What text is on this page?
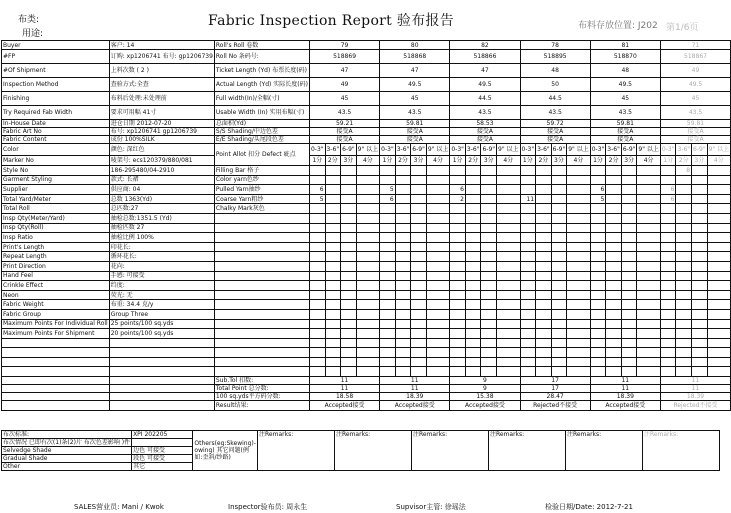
布类:
用途:
Fabric Inspection Report 验布报告	布料存放位置: J202 第1/6页
Buyer	客户: 14	Roll's Roll 卷数	79				80				82				78				81				71			
#FP	订购: xp1206741 布号: gp1206739	Roll No 条码号:	518869				518868				518866				518895				518870				518867			
#Of Shipment	上料次数 ( 2 )	Ticket Length (Yd) 布票长度(码)	47				47				47				48				48				49			
Inspection Method	查验方式:全查	Actual Length (Yd) 实际长度(码)	49				49.5				49.5				50				49.5				49.5			
Finishing	布料后处理:未处理前	Full width(In)/全幅(寸)	45				45				44.5				44.5				45				45			
Try Required Fab Width	要求可用幅 41寸	Usable Width (In) 实用布幅(寸)	43.5				43.5				43.5				43.5				43.5				43.5			
In-House Date	进仓日期 2012-07-20	总面积(Yd)	59.21				59.81				58.53				59.72				59.81				59.81			
Fabric Art No	布号: xp1206741 gp1206739	S/S Shading/中边色差	接受A				接受A				接受A				接受A				接受A				接受A			
Fabric Content	成份 100%SILK	E/E Shading/头尾段色差	接受A				接受A				接受A				接受A				接受A				接受A			
Color	颜色: 深红色	Point Allot 扣分 Defect 疵点	0-3"	3-6"	6-9"	9" 以上	0-3"	3-6"	6-9"	9" 以上	0-3"	3-6"	6-9"	9" 以上	0-3"	3-6"	6-9"	9" 以上	0-3"	3-6"	6-9"	9" 以上	0-3"	3-6"	6-9"	9" 以上
Marker No	唛架号: ecs120379/880/081		1分	2分	3分	4分	1分	2分	3分	4分	1分	2分	3分	4分	1分	2分	3分	4分	1分	2分	3分	4分	1分	2分	3分	4分
Style No	186-295480/04-2910	Filling Bar 格子																						8		
Garment Styling	款式: 长裙	Color yarn色纱																								
Supplier	供应商: 04	Pulled Yarn抽纱	6				5				6								6				6			
Total Yard/Meter	总数 1363(Yd)	Coarse Yarn粗纱	5				6				2				11				5				6			
Total Roll	总匹数:27	Chalky Mark灰色																								
Insp Qty(Meter/Yard)	抽检总数:1351.5 (Yd)																									
Insp Qty(Roll)	抽检匹数 27																									
Insp Ratio	抽检比例 100%																									
Print's Length	印花长:																									
Repeat Length	循环花长:																									
Print Direction	花向:																									
Hand Feel	手感: 可接受																									
Crinkle Effect	绉度:																									
Neon	荧光: 无																									
Fabric Weight	布重: 34.4 克/y																									
Fabric Group	Group Three																									
Maximum Points For Individual Roll	25 points/100 sq.yds																									
Maximum Points For Shipment	20 points/100 sq.yds																									

		Sub.Tol 扣数:	11				11				9				17				11				11			
		Total Point 总分数:	11				11				9				17				11				11			
		100 sq.yds平方码分数:	18.58				18.39				15.38				28.47				18.39				18.39			
		Result结果:	Accepted接受				Accepted接受				Accepted接受				Rejected不接受				Accepted接受				Rejected不接受			
布次标准:	XPI 202205	Others(eg:Skewing)-owing) 其它问题(例如:歪斜/纱路)	注Remarks:	注Remarks:	注Remarks:	注Remarks:	注Remarks:	注Remarks:
布次情况 已即有次(1)条(2)片 布次色差影响 )件								
Selvedge Shade	边色 可接受							
Gradual Shade	段色 可接受							
Other	其它							
SALES营业员: Mani / Kwok	Inspector验布员: 周永生	Supvisor主管: 徐瑶法	检验日期/Date: 2012-7-21
